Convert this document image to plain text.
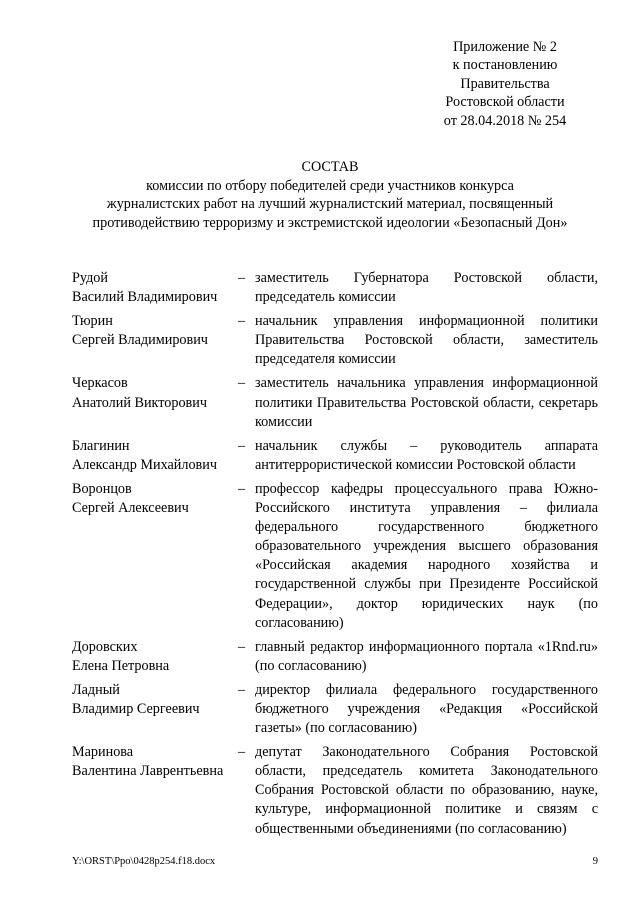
Приложение № 2
к постановлению
Правительства
Ростовской области
от 28.04.2018 № 254
СОСТАВ
комиссии по отбору победителей среди участников конкурса
журналистских работ на лучший журналистский материал, посвященный
противодействию терроризму и экстремистской идеологии «Безопасный Дон»
Рудой
Василий Владимирович
– заместитель Губернатора Ростовской области, председатель комиссии
Тюрин
Сергей Владимирович
– начальник управления информационной политики Правительства Ростовской области, заместитель председателя комиссии
Черкасов
Анатолий Викторович
– заместитель начальника управления информационной политики Правительства Ростовской области, секретарь комиссии
Благинин
Александр Михайлович
– начальник службы – руководитель аппарата антитеррористической комиссии Ростовской области
Воронцов
Сергей Алексеевич
– профессор кафедры процессуального права Южно-Российского института управления – филиала федерального государственного бюджетного образовательного учреждения высшего образования «Российская академия народного хозяйства и государственной службы при Президенте Российской Федерации», доктор юридических наук (по согласованию)
Доровских
Елена Петровна
– главный редактор информационного портала «1Rnd.ru» (по согласованию)
Ладный
Владимир Сергеевич
– директор филиала федерального государственного бюджетного учреждения «Редакция «Российской газеты» (по согласованию)
Маринова
Валентина Лаврентьевна
– депутат Законодательного Собрания Ростовской области, председатель комитета Законодательного Собрания Ростовской области по образованию, науке, культуре, информационной политике и связям с общественными объединениями (по согласованию)
Y:\ORST\Ppo\0428p254.f18.docx	9
